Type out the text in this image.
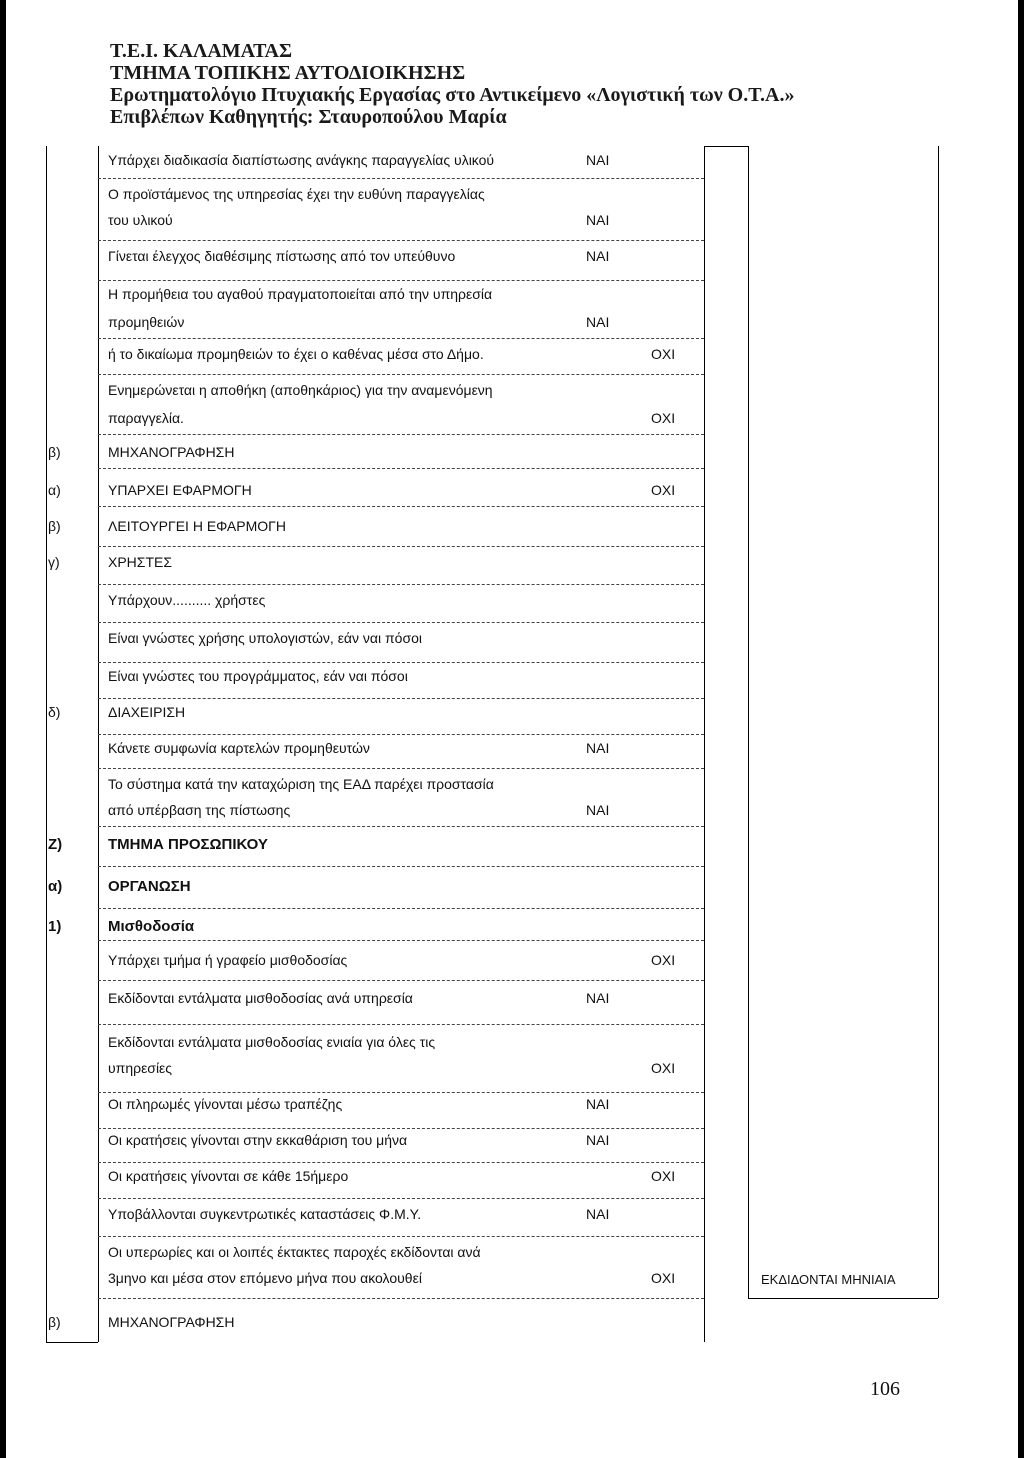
Τ.Ε.Ι. ΚΑΛΑΜΑΤΑΣ
ΤΜΗΜΑ ΤΟΠΙΚΗΣ ΑΥΤΟΔΙΟΙΚΗΣΗΣ
Ερωτηματολόγιο Πτυχιακής Εργασίας στο Αντικείμενο «Λογιστική των Ο.Τ.Α.»
Επιβλέπων Καθηγητής: Σταυροπούλου Μαρία
Υπάρχει διαδικασία διαπίστωσης ανάγκης παραγγελίας υλικού	ΝΑΙ
Ο προϊστάμενος της υπηρεσίας έχει την ευθύνη παραγγελίας
του υλικού	ΝΑΙ
Γίνεται έλεγχος διαθέσιμης πίστωσης από τον υπεύθυνο	ΝΑΙ
Η προμήθεια του αγαθού πραγματοποιείται από την υπηρεσία
προμηθειών	ΝΑΙ
ή το δικαίωμα προμηθειών το έχει ο καθένας μέσα στο Δήμο.	ΟΧΙ
Ενημερώνεται η αποθήκη (αποθηκάριος) για την αναμενόμενη
παραγγελία.	ΟΧΙ
β)	ΜΗΧΑΝΟΓΡΑΦΗΣΗ
α)	ΥΠΑΡΧΕΙ ΕΦΑΡΜΟΓΗ	ΟΧΙ
β)	ΛΕΙΤΟΥΡΓΕΙ Η ΕΦΑΡΜΟΓΗ
γ)	ΧΡΗΣΤΕΣ
Υπάρχουν.......... χρήστες
Είναι γνώστες χρήσης υπολογιστών, εάν ναι πόσοι
Είναι γνώστες του προγράμματος, εάν ναι πόσοι
δ)	ΔΙΑΧΕΙΡΙΣΗ
Κάνετε συμφωνία καρτελών προμηθευτών	ΝΑΙ
Το σύστημα κατά την καταχώριση της ΕΑΔ παρέχει προστασία
από υπέρβαση της πίστωσης	ΝΑΙ
Ζ)	ΤΜΗΜΑ ΠΡΟΣΩΠΙΚΟΥ
α)	ΟΡΓΑΝΩΣΗ
1)	Μισθοδοσία
Υπάρχει τμήμα ή γραφείο μισθοδοσίας	ΟΧΙ
Εκδίδονται εντάλματα μισθοδοσίας ανά υπηρεσία	ΝΑΙ
Εκδίδονται εντάλματα μισθοδοσίας ενιαία για όλες τις
υπηρεσίες	ΟΧΙ
Οι πληρωμές γίνονται μέσω τραπέζης	ΝΑΙ
Οι κρατήσεις γίνονται στην εκκαθάριση του μήνα	ΝΑΙ
Οι κρατήσεις γίνονται σε κάθε 15ήμερο	ΟΧΙ
Υποβάλλονται συγκεντρωτικές καταστάσεις Φ.Μ.Υ.	ΝΑΙ
Οι υπερωρίες και οι λοιπές έκτακτες παροχές εκδίδονται ανά
3μηνο και μέσα στον επόμενο μήνα που ακολουθεί	ΟΧΙ	ΕΚΔΙΔΟΝΤΑΙ ΜΗΝΙΑΙΑ
β)	ΜΗΧΑΝΟΓΡΑΦΗΣΗ
106
